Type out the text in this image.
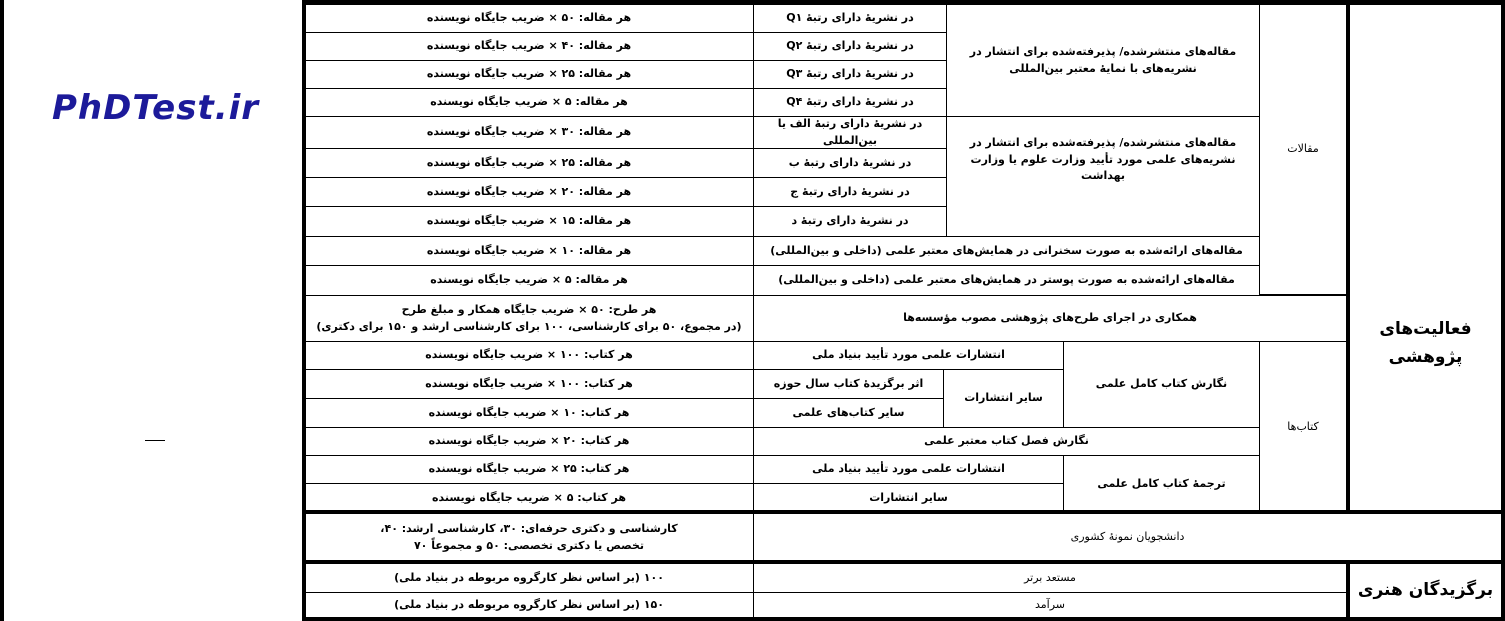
PhDTest.ir
فعالیت‌های پژوهشی
مقالات
مقاله‌های منتشرشده/ پذیرفته‌شده برای انتشار در نشریه‌های با نمایهٔ معتبر بین‌المللی
در نشریهٔ دارای رتبهٔ Q۱
در نشریهٔ دارای رتبهٔ Q۲
در نشریهٔ دارای رتبهٔ Q۳
در نشریهٔ دارای رتبهٔ Q۴
هر مقاله: ۵۰ × ضریب جایگاه نویسنده
هر مقاله: ۴۰ × ضریب جایگاه نویسنده
هر مقاله: ۲۵ × ضریب جایگاه نویسنده
هر مقاله: ۵ × ضریب جایگاه نویسنده
مقاله‌های منتشرشده/ پذیرفته‌شده برای انتشار در نشریه‌های علمی مورد تأیید وزارت علوم یا وزارت بهداشت
در نشریهٔ دارای رتبهٔ الف یا بین‌المللی
در نشریهٔ دارای رتبهٔ ب
در نشریهٔ دارای رتبهٔ ج
در نشریهٔ دارای رتبهٔ د
هر مقاله: ۳۰ × ضریب جایگاه نویسنده
هر مقاله: ۲۵ × ضریب جایگاه نویسنده
هر مقاله: ۲۰ × ضریب جایگاه نویسنده
هر مقاله: ۱۵ × ضریب جایگاه نویسنده
مقاله‌های ارائه‌شده به صورت سخنرانی در همایش‌های معتبر علمی (داخلی و بین‌المللی)
مقاله‌های ارائه‌شده به صورت پوستر در همایش‌های معتبر علمی (داخلی و بین‌المللی)
هر مقاله: ۱۰ × ضریب جایگاه نویسنده
هر مقاله: ۵ × ضریب جایگاه نویسنده
همکاری در اجرای طرح‌های پژوهشی مصوب مؤسسه‌ها
هر طرح: ۵۰ × ضریب جایگاه همکار و مبلغ طرح
(در مجموع، ۵۰ برای کارشناسی، ۱۰۰ برای کارشناسی ارشد و ۱۵۰ برای دکتری)
کتاب‌ها
نگارش کتاب کامل علمی
انتشارات علمی مورد تأیید بنیاد ملی
سایر انتشارات
اثر برگزیدهٔ کتاب سال حوزه
سایر کتاب‌های علمی
هر کتاب: ۱۰۰ × ضریب جایگاه نویسنده
هر کتاب: ۱۰۰ × ضریب جایگاه نویسنده
هر کتاب: ۱۰ × ضریب جایگاه نویسنده
نگارش فصل کتاب معتبر علمی
هر کتاب: ۲۰ × ضریب جایگاه نویسنده
ترجمهٔ کتاب کامل علمی
انتشارات علمی مورد تأیید بنیاد ملی
سایر انتشارات
هر کتاب: ۲۵ × ضریب جایگاه نویسنده
هر کتاب: ۵ × ضریب جایگاه نویسنده
دانشجویان نمونهٔ کشوری
کارشناسی و دکتری حرفه‌ای: ۳۰، کارشناسی ارشد: ۴۰،
تخصص یا دکتری تخصصی: ۵۰ و مجموعاً ۷۰
برگزیدگان هنری
مستعد برتر
سرآمد
۱۰۰ (بر اساس نظر کارگروه مربوطه در بنیاد ملی)
۱۵۰ (بر اساس نظر کارگروه مربوطه در بنیاد ملی)
